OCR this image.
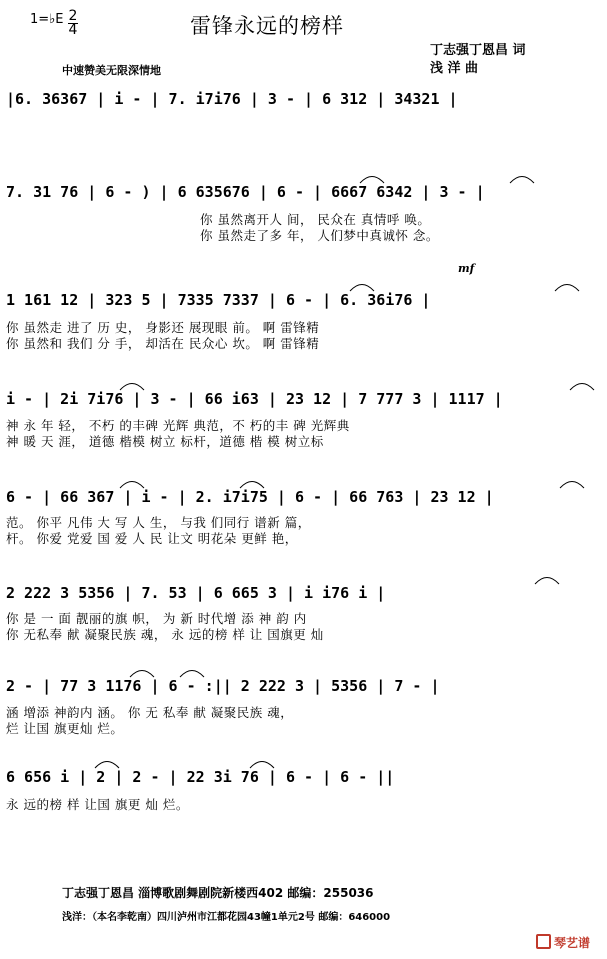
1=♭E 2
4	雷锋永远的榜样
丁志强丁恩昌 词
浅 洋 曲
中速赞美无限深情地
|6. 36367 | i - | 7. i7i76 | 3 - | 6 312 | 34321 |
7. 31 76 | 6 - ) | 6 635676 | 6 - | 6667 6342 | 3 - |
你 虽然离开人 间， 民众在 真情呼 唤。
你 虽然走了多 年， 人们梦中真诚怀 念。
mf
1 161 12 | 323 5 | 7335 7337 | 6 - | 6. 36i76 |
你 虽然走 进了 历 史， 身影还 展现眼 前。 啊 雷锋精
你 虽然和 我们 分 手， 却活在 民众心 坎。 啊 雷锋精
i - | 2i 7i76 | 3 - | 66 i63 | 23 12 | 7 777 3 | 1117 |
神 永 年 轻， 不朽 的丰碑 光辉 典范，不 朽的丰 碑 光辉典
神 暖 天 涯， 道德 楷模 树立 标杆，道德 楷 模 树立标
6 - | 66 367 | i - | 2. i7i75 | 6 - | 66 763 | 23 12 |
范。 你平 凡伟 大 写 人 生， 与我 们同行 谱新 篇，
杆。 你爱 党爱 国 爱 人 民 让文 明花朵 更鲜 艳，
2 222 3 5356 | 7. 53 | 6 665 3 | i i76 i |
你 是 一 面 靓丽的旗 帜， 为 新 时代增 添 神 韵 内
你 无私奉 献 凝聚民族 魂， 永 远的榜 样 让 国旗更 灿
2 - | 77 3 1176 | 6 - :|| 2 222 3 | 5356 | 7 - |
涵 增添 神韵内 涵。 你 无 私奉 献 凝聚民族 魂，
烂 让国 旗更灿 烂。
6 656 i | 2 | 2 - | 22 3i 76 | 6 - | 6 - ||
永 远的榜 样 让国 旗更 灿 烂。
丁志强丁恩昌 淄博歌剧舞剧院新楼西402 邮编：255036
浅洋：（本名李乾南）四川泸州市江都花园43幢1单元2号 邮编：646000
琴艺谱
